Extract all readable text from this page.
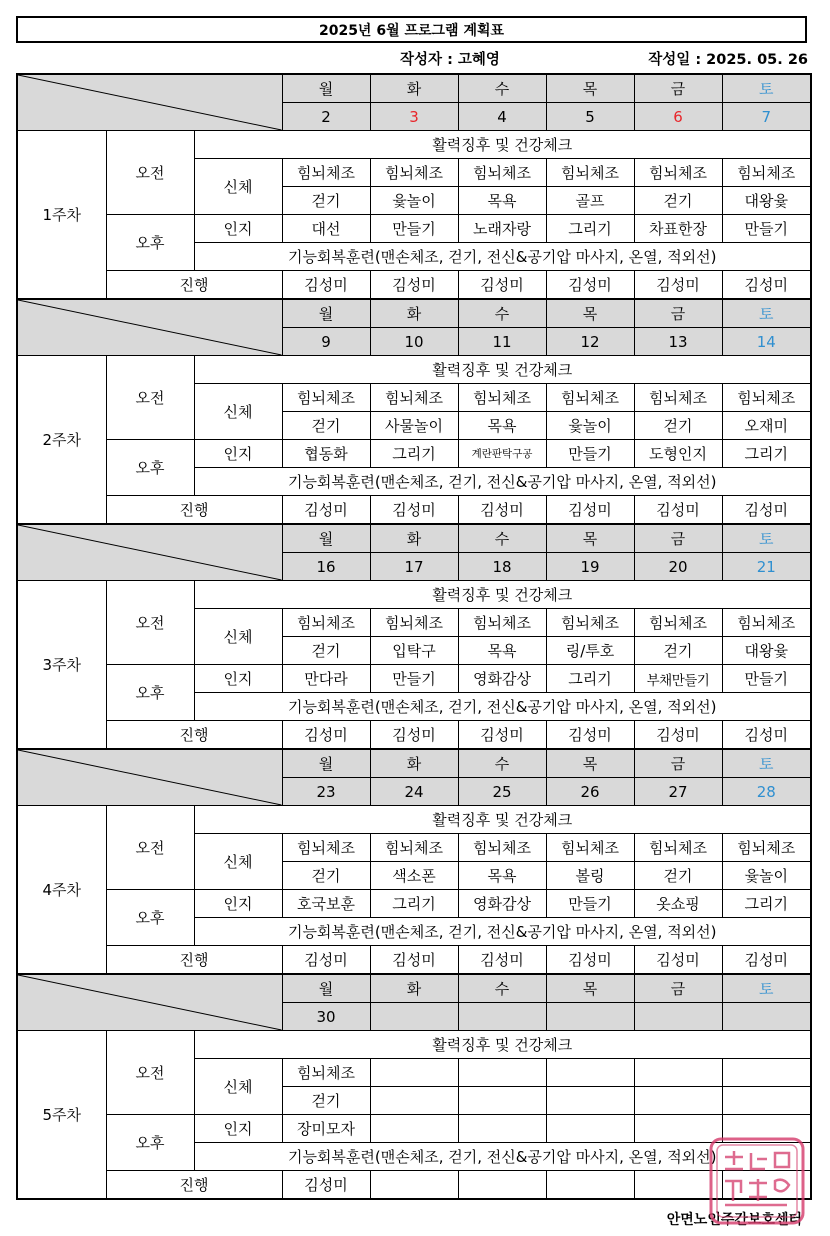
2025년 6월 프로그램 계획표
작성자 : 고혜영	작성일 : 2025. 05. 26
	월	화	수	목	금	토
			2	3	4	5	6	7
1주차	오전	활력징후 및 건강체크						
		신체	힘뇌체조	힘뇌체조	힘뇌체조	힘뇌체조	힘뇌체조	힘뇌체조
			걷기	윷놀이	목욕	골프	걷기	대왕윷
	오후	인지	대선	만들기	노래자랑	그리기	차표한장	만들기
		기능회복훈련(맨손체조, 걷기, 전신&공기압 마사지, 온열, 적외선)						
	진행		김성미	김성미	김성미	김성미	김성미	김성미

	월	화	수	목	금	토
			9	10	11	12	13	14
2주차	오전	활력징후 및 건강체크						
		신체	힘뇌체조	힘뇌체조	힘뇌체조	힘뇌체조	힘뇌체조	힘뇌체조
			걷기	사물놀이	목욕	윷놀이	걷기	오재미
	오후	인지	협동화	그리기	계란판탁구공	만들기	도형인지	그리기
		기능회복훈련(맨손체조, 걷기, 전신&공기압 마사지, 온열, 적외선)						
	진행		김성미	김성미	김성미	김성미	김성미	김성미

	월	화	수	목	금	토
			16	17	18	19	20	21
3주차	오전	활력징후 및 건강체크						
		신체	힘뇌체조	힘뇌체조	힘뇌체조	힘뇌체조	힘뇌체조	힘뇌체조
			걷기	입탁구	목욕	링/투호	걷기	대왕윷
	오후	인지	만다라	만들기	영화감상	그리기	부채만들기	만들기
		기능회복훈련(맨손체조, 걷기, 전신&공기압 마사지, 온열, 적외선)						
	진행		김성미	김성미	김성미	김성미	김성미	김성미

	월	화	수	목	금	토
			23	24	25	26	27	28
4주차	오전	활력징후 및 건강체크						
		신체	힘뇌체조	힘뇌체조	힘뇌체조	힘뇌체조	힘뇌체조	힘뇌체조
			걷기	색소폰	목욕	볼링	걷기	윷놀이
	오후	인지	호국보훈	그리기	영화감상	만들기	옷쇼핑	그리기
		기능회복훈련(맨손체조, 걷기, 전신&공기압 마사지, 온열, 적외선)						
	진행		김성미	김성미	김성미	김성미	김성미	김성미

	월	화	수	목	금	토
			30					
5주차	오전	활력징후 및 건강체크						
		신체	힘뇌체조					
			걷기					
	오후	인지	장미모자					
		기능회복훈련(맨손체조, 걷기, 전신&공기압 마사지, 온열, 적외선)						
	진행		김성미					
안면노인주간보호센터
